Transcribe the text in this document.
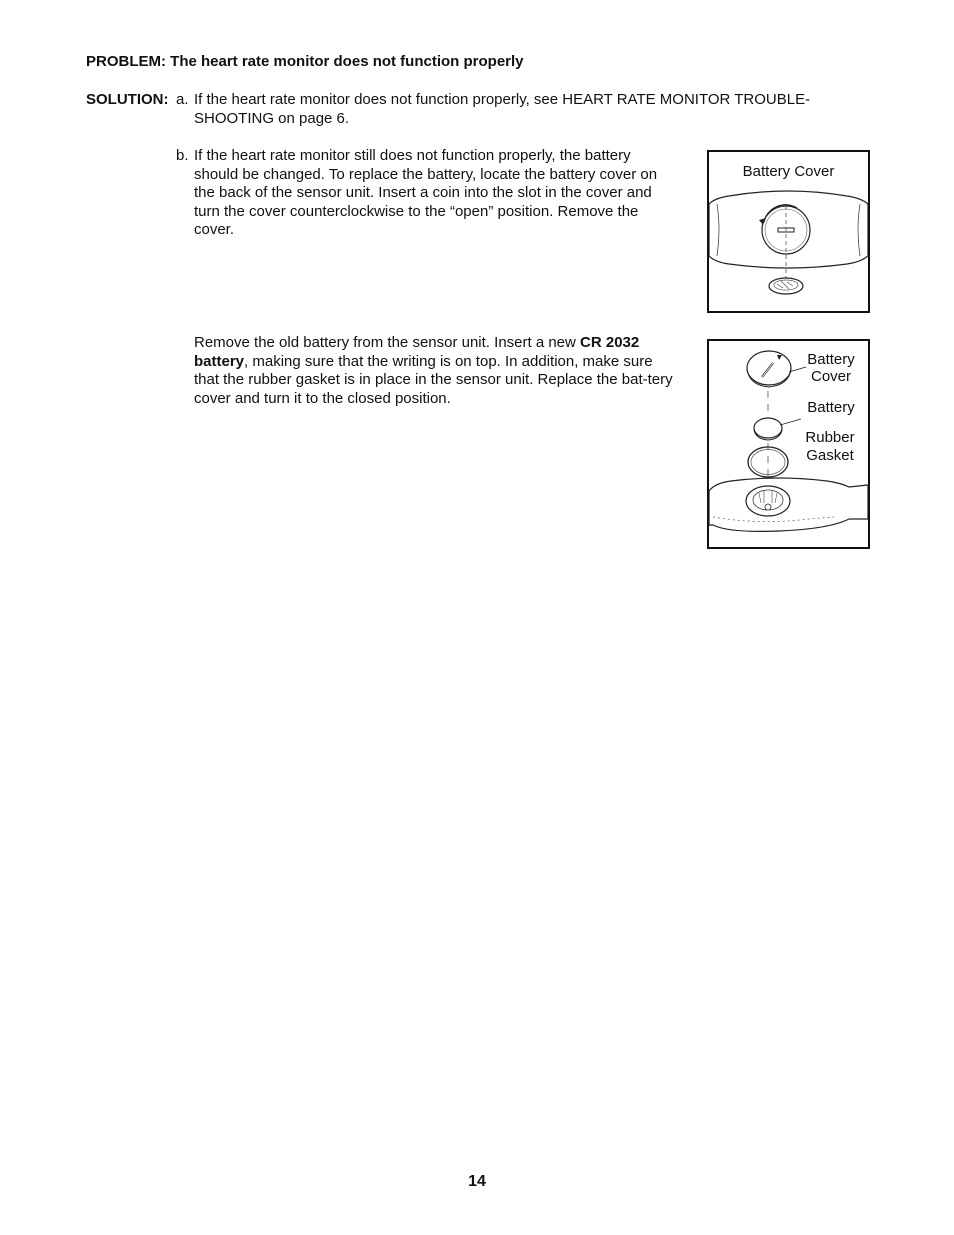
PROBLEM: The heart rate monitor does not function properly
SOLUTION: a. If the heart rate monitor does not function properly, see HEART RATE MONITOR TROUBLE-SHOOTING on page 6.
b. If the heart rate monitor still does not function properly, the battery should be changed. To replace the battery, locate the battery cover on the back of the sensor unit. Insert a coin into the slot in the cover and turn the cover counterclockwise to the “open” position. Remove the cover.
Remove the old battery from the sensor unit. Insert a new CR 2032 battery, making sure that the writing is on top. In addition, make sure that the rubber gasket is in place in the sensor unit. Replace the bat-tery cover and turn it to the closed position.
Battery Cover
Battery
Cover
Battery
Rubber
Gasket
14
